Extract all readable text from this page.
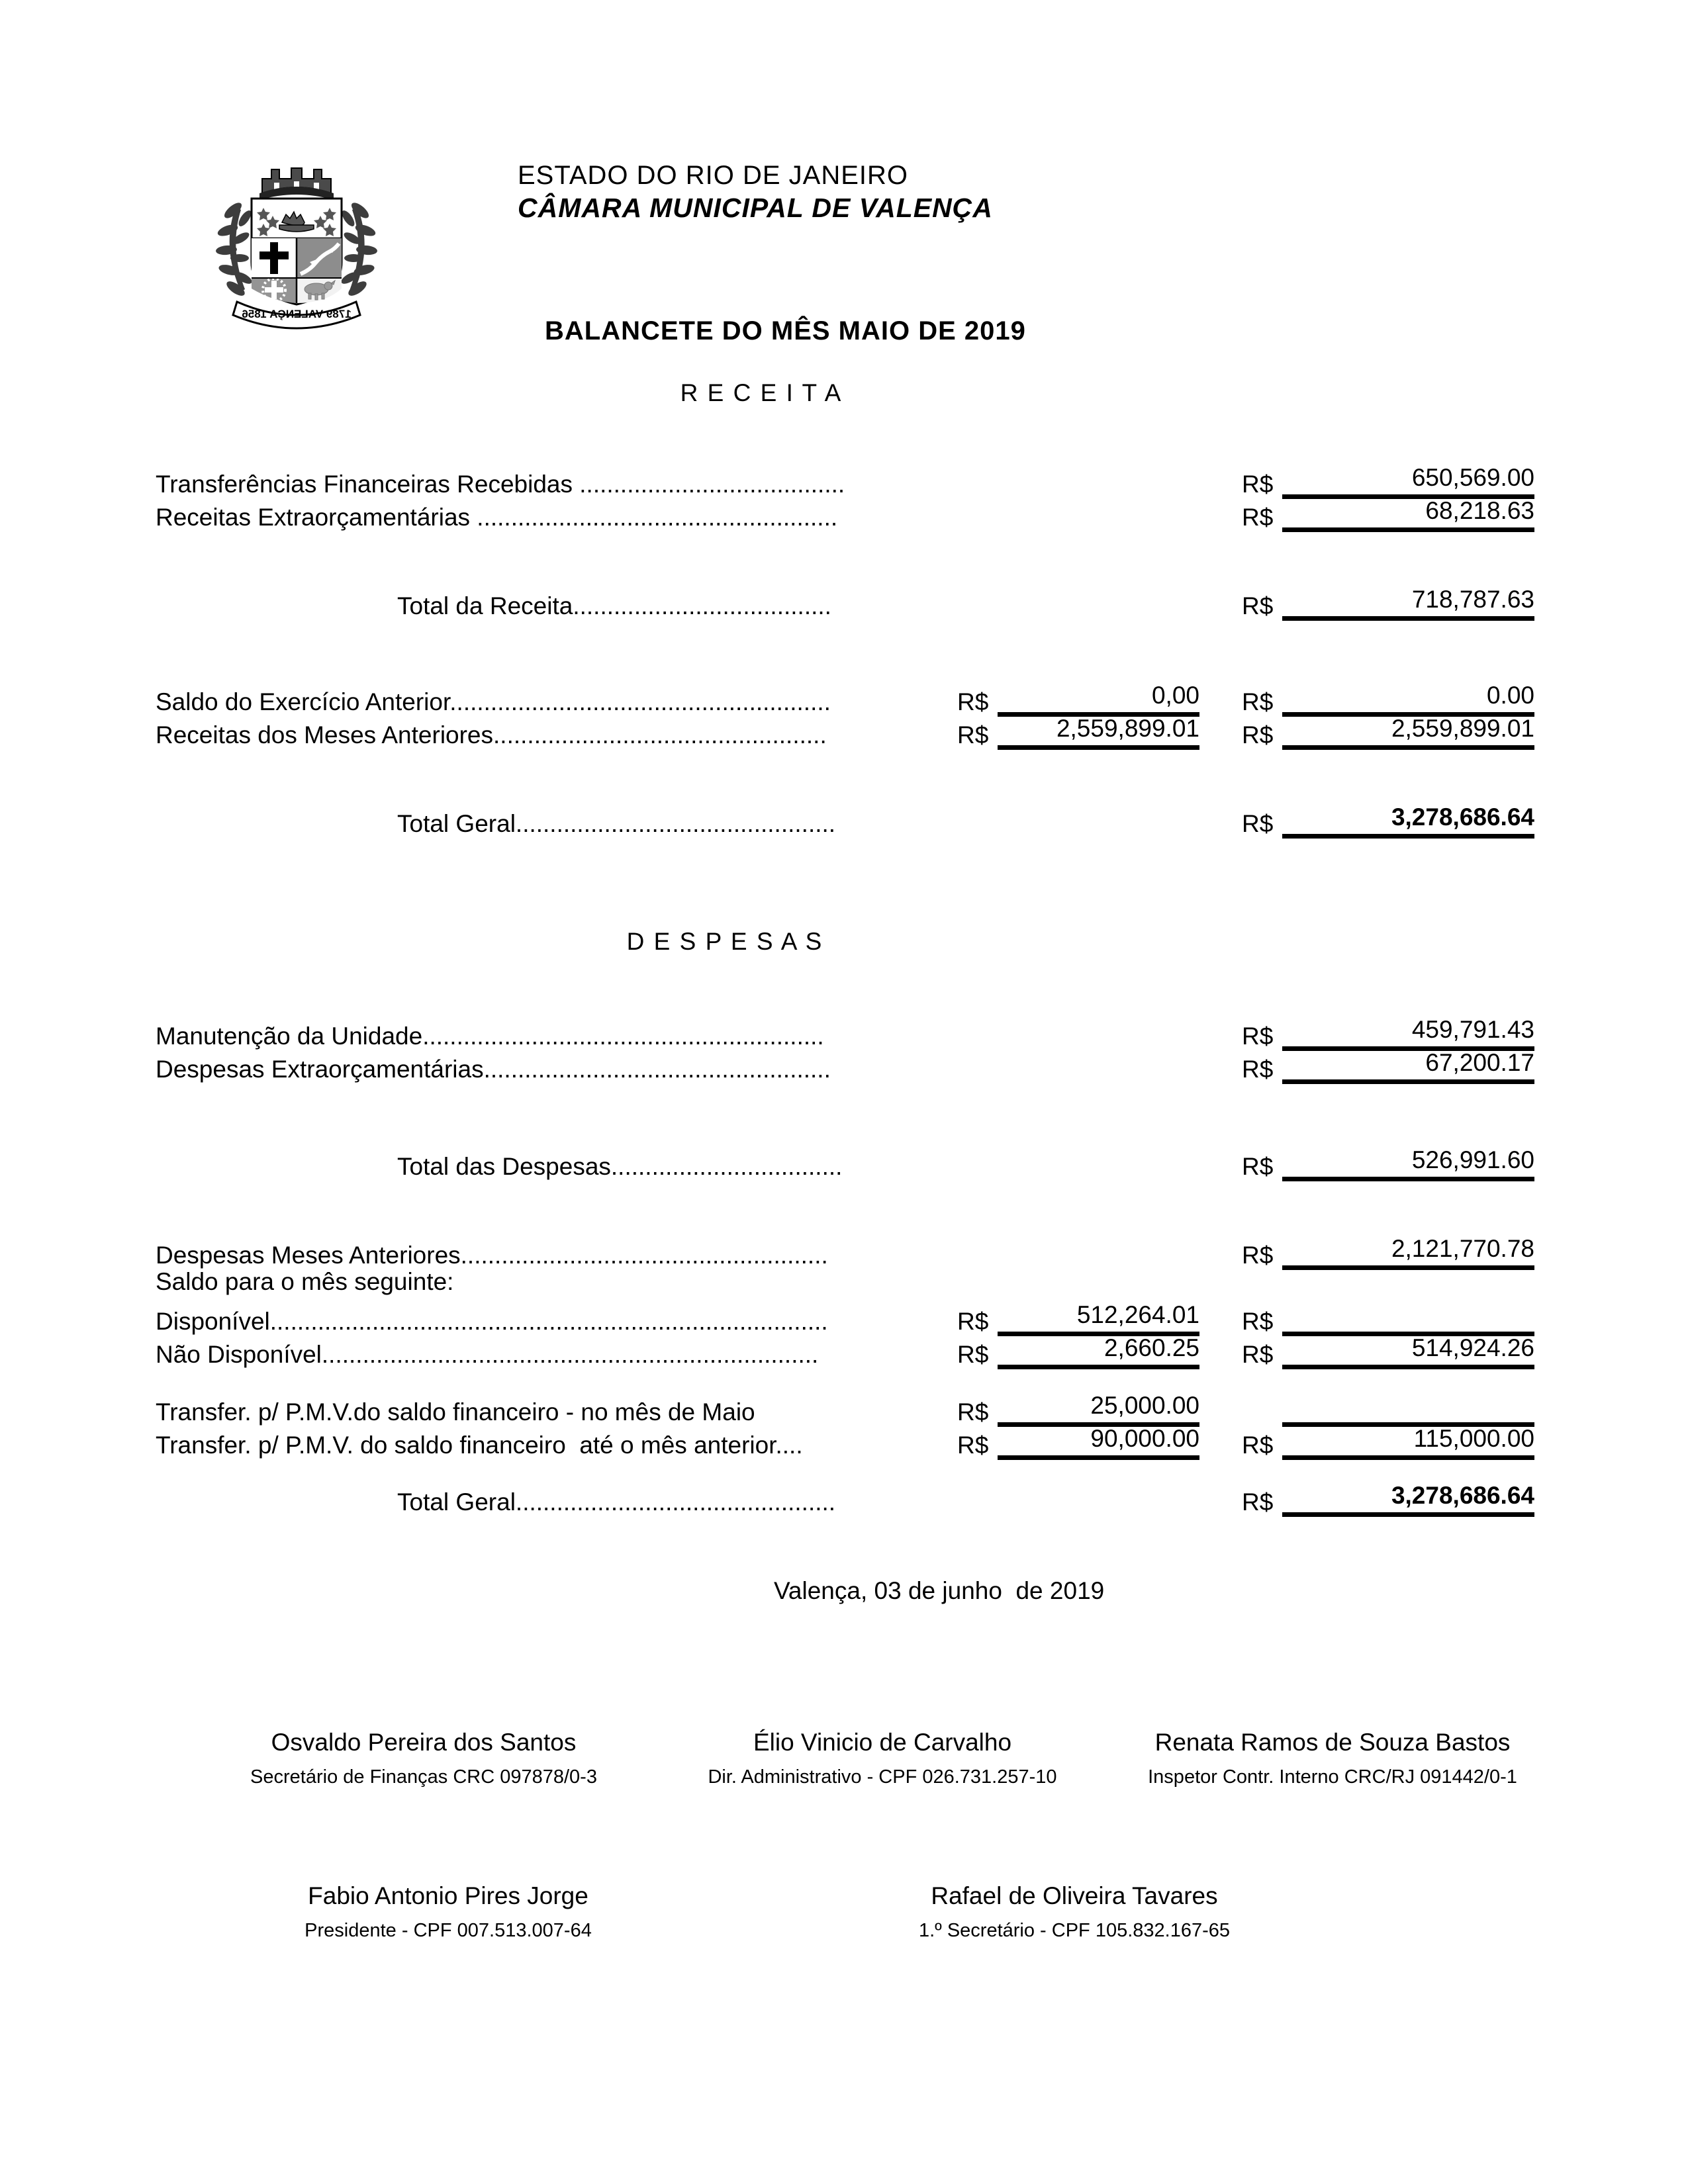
1789 VALENÇA 1856

ESTADO DO RIO DE JANEIRO
CÂMARA MUNICIPAL DE VALENÇA
BALANCETE DO MÊS MAIO DE 2019
R E C E I T A
Transferências Financeiras Recebidas .......................................	R$	650,569.00
Receitas Extraorçamentárias .....................................................	R$	68,218.63
Total da Receita......................................	R$	718,787.63
Saldo do Exercício Anterior........................................................	R$	0,00 R$	0.00
Receitas dos Meses Anteriores.................................................	R$	2,559,899.01 R$	2,559,899.01
Total Geral...............................................	R$	3,278,686.64
D E S P E S A S
Manutenção da Unidade...........................................................	R$	459,791.43
Despesas Extraorçamentárias...................................................	R$	67,200.17
Total das Despesas..................................	R$	526,991.60
Despesas Meses Anteriores......................................................	R$	2,121,770.78
Saldo para o mês seguinte:
Disponível..................................................................................	R$	512,264.01 R$
Não Disponível.........................................................................	R$	2,660.25 R$	514,924.26
Transfer. p/ P.M.V.do saldo financeiro - no mês de Maio	R$	25,000.00
Transfer. p/ P.M.V. do saldo financeiro  até o mês anterior....	R$	90,000.00 R$	115,000.00
Total Geral...............................................	R$	3,278,686.64
Valença, 03 de junho  de 2019
Osvaldo Pereira dos Santos
Secretário de Finanças CRC 097878/0-3
Élio Vinicio de Carvalho
Dir. Administrativo - CPF 026.731.257-10
Renata Ramos de Souza Bastos
Inspetor Contr. Interno CRC/RJ 091442/0-1
Fabio Antonio Pires Jorge
Presidente - CPF 007.513.007-64
Rafael de Oliveira Tavares
1.º Secretário - CPF 105.832.167-65
